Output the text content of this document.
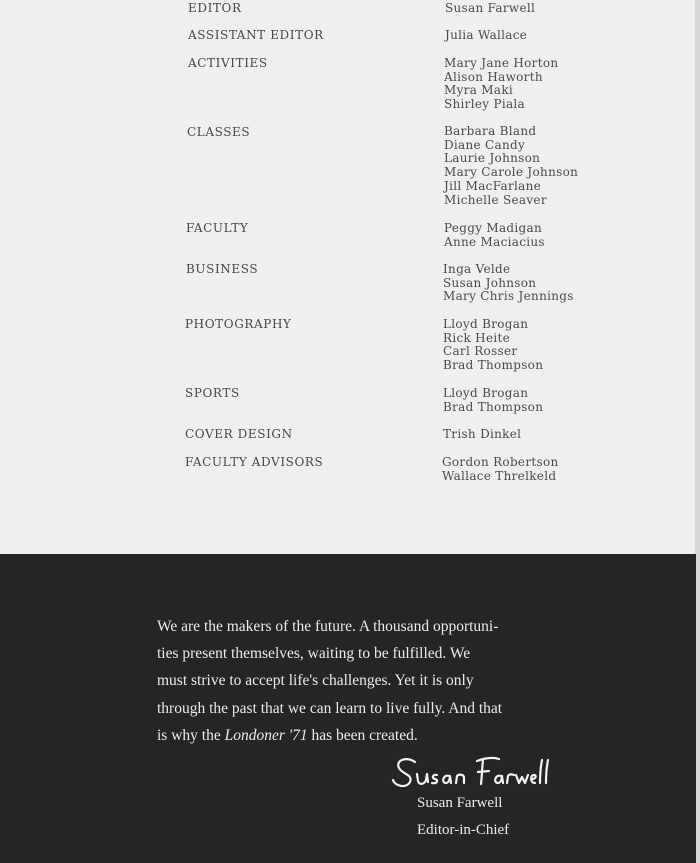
EDITOR	Susan Farwell
ASSISTANT EDITOR	Julia Wallace
ACTIVITIES	Mary Jane Horton
Alison Haworth
Myra Maki
Shirley Piala
CLASSES	Barbara Bland
Diane Candy
Laurie Johnson
Mary Carole Johnson
Jill MacFarlane
Michelle Seaver
FACULTY	Peggy Madigan
Anne Maciacius
BUSINESS	Inga Velde
Susan Johnson
Mary Chris Jennings
PHOTOGRAPHY	Lloyd Brogan
Rick Heite
Carl Rosser
Brad Thompson
SPORTS	Lloyd Brogan
Brad Thompson
COVER DESIGN	Trish Dinkel
FACULTY ADVISORS	Gordon Robertson
Wallace Threlkeld
We are the makers of the future. A thousand opportuni-
ties present themselves, waiting to be fulfilled. We
must strive to accept life's challenges. Yet it is only
through the past that we can learn to live fully. And that
is why the Londoner '71 has been created.
Susan Farwell
Editor-in-Chief
